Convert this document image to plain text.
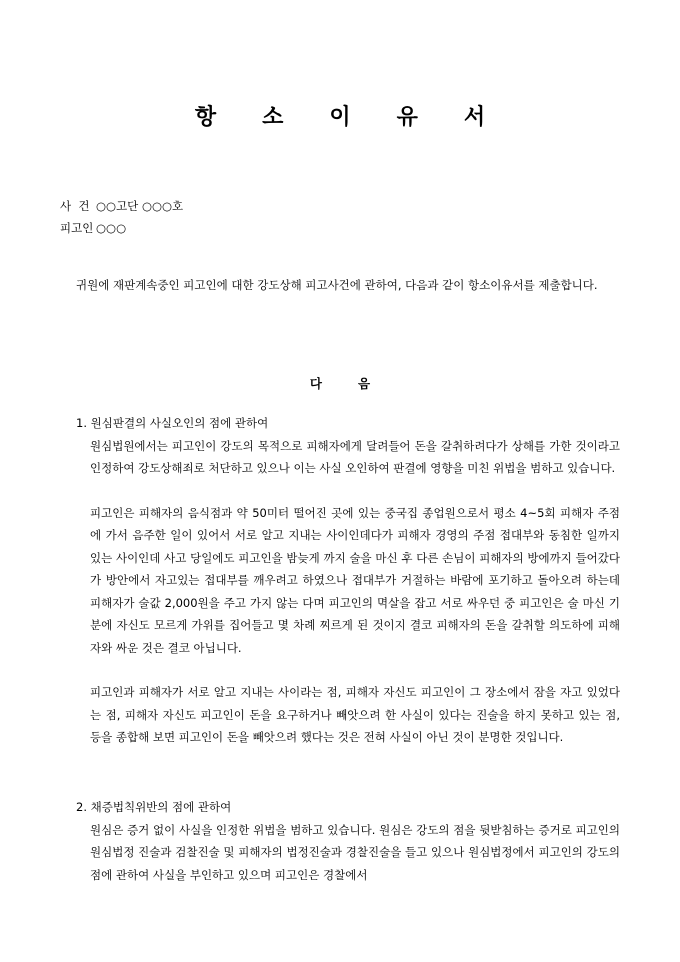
항 소 이 유 서
사  건 ○○고단 ○○○호
피고인 ○○○
귀원에 재판계속중인 피고인에 대한 강도상해 피고사건에 관하여, 다음과 같이 항소이유서를 제출합니다.
다	음
1. 원심판결의 사실오인의 점에 관하여

원심법원에서는 피고인이 강도의 목적으로 피해자에게 달려들어 돈을 갈취하려다가 상해를 가한 것이라고 인정하여 강도상해죄로 처단하고 있으나 이는 사실 오인하여 판결에 영향을 미친 위법을 범하고 있습니다.

피고인은 피해자의 음식점과 약 50미터 떨어진 곳에 있는 중국집 종업원으로서 평소 4~5회 피해자 주점에 가서 음주한 일이 있어서 서로 알고 지내는 사이인데다가 피해자 경영의 주점 접대부와 동침한 일까지 있는 사이인데 사고 당일에도 피고인을 밤늦게 까지 술을 마신 후 다른 손님이 피해자의 방에까지 들어갔다가 방안에서 자고있는 접대부를 깨우려고 하였으나 접대부가 거절하는 바람에 포기하고 돌아오려 하는데 피해자가 술값 2,000원을 주고 가지 않는 다며 피고인의 멱살을 잡고 서로 싸우던 중 피고인은 술 마신 기분에 자신도 모르게 가위를 집어들고 몇 차례 찌르게 된 것이지 결코 피해자의 돈을 갈취할 의도하에 피해자와 싸운 것은 결코 아닙니다.

피고인과 피해자가 서로 알고 지내는 사이라는 점, 피해자 자신도 피고인이 그 장소에서 잠을 자고 있었다는 점, 피해자 자신도 피고인이 돈을 요구하거나 빼앗으려 한 사실이 있다는 진술을 하지 못하고 있는 점, 등을 종합해 보면 피고인이 돈을 빼앗으려 했다는 것은 전혀 사실이 아닌 것이 분명한 것입니다.

2. 채증법칙위반의 점에 관하여

원심은 증거 없이 사실을 인정한 위법을 범하고 있습니다. 원심은 강도의 점을 뒷받침하는 증거로 피고인의 원심법정 진술과 검찰진술 및 피해자의 법정진술과 경찰진술을 들고 있으나 원심법정에서 피고인의 강도의 점에 관하여 사실을 부인하고 있으며 피고인은 경찰에서
